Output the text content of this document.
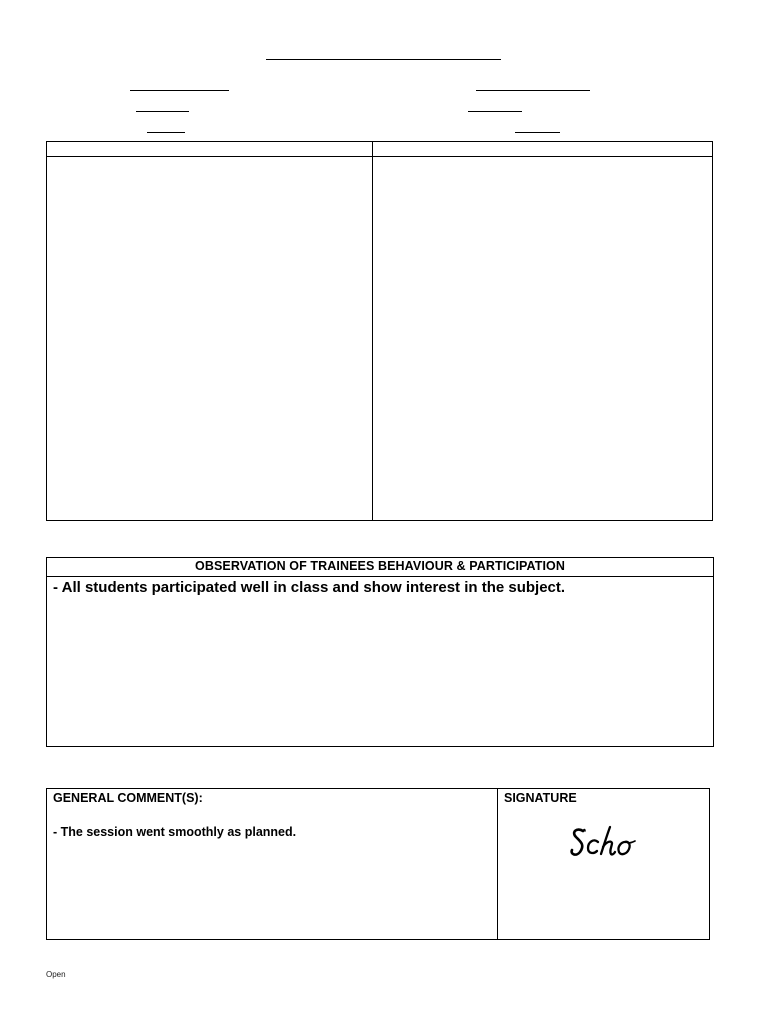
OBSERVATION OF TRAINEES BEHAVIOUR & PARTICIPATION
- All students participated well in class and show interest in the subject.
GENERAL COMMENT(S):
- The session went smoothly as planned.
SIGNATURE
Open
